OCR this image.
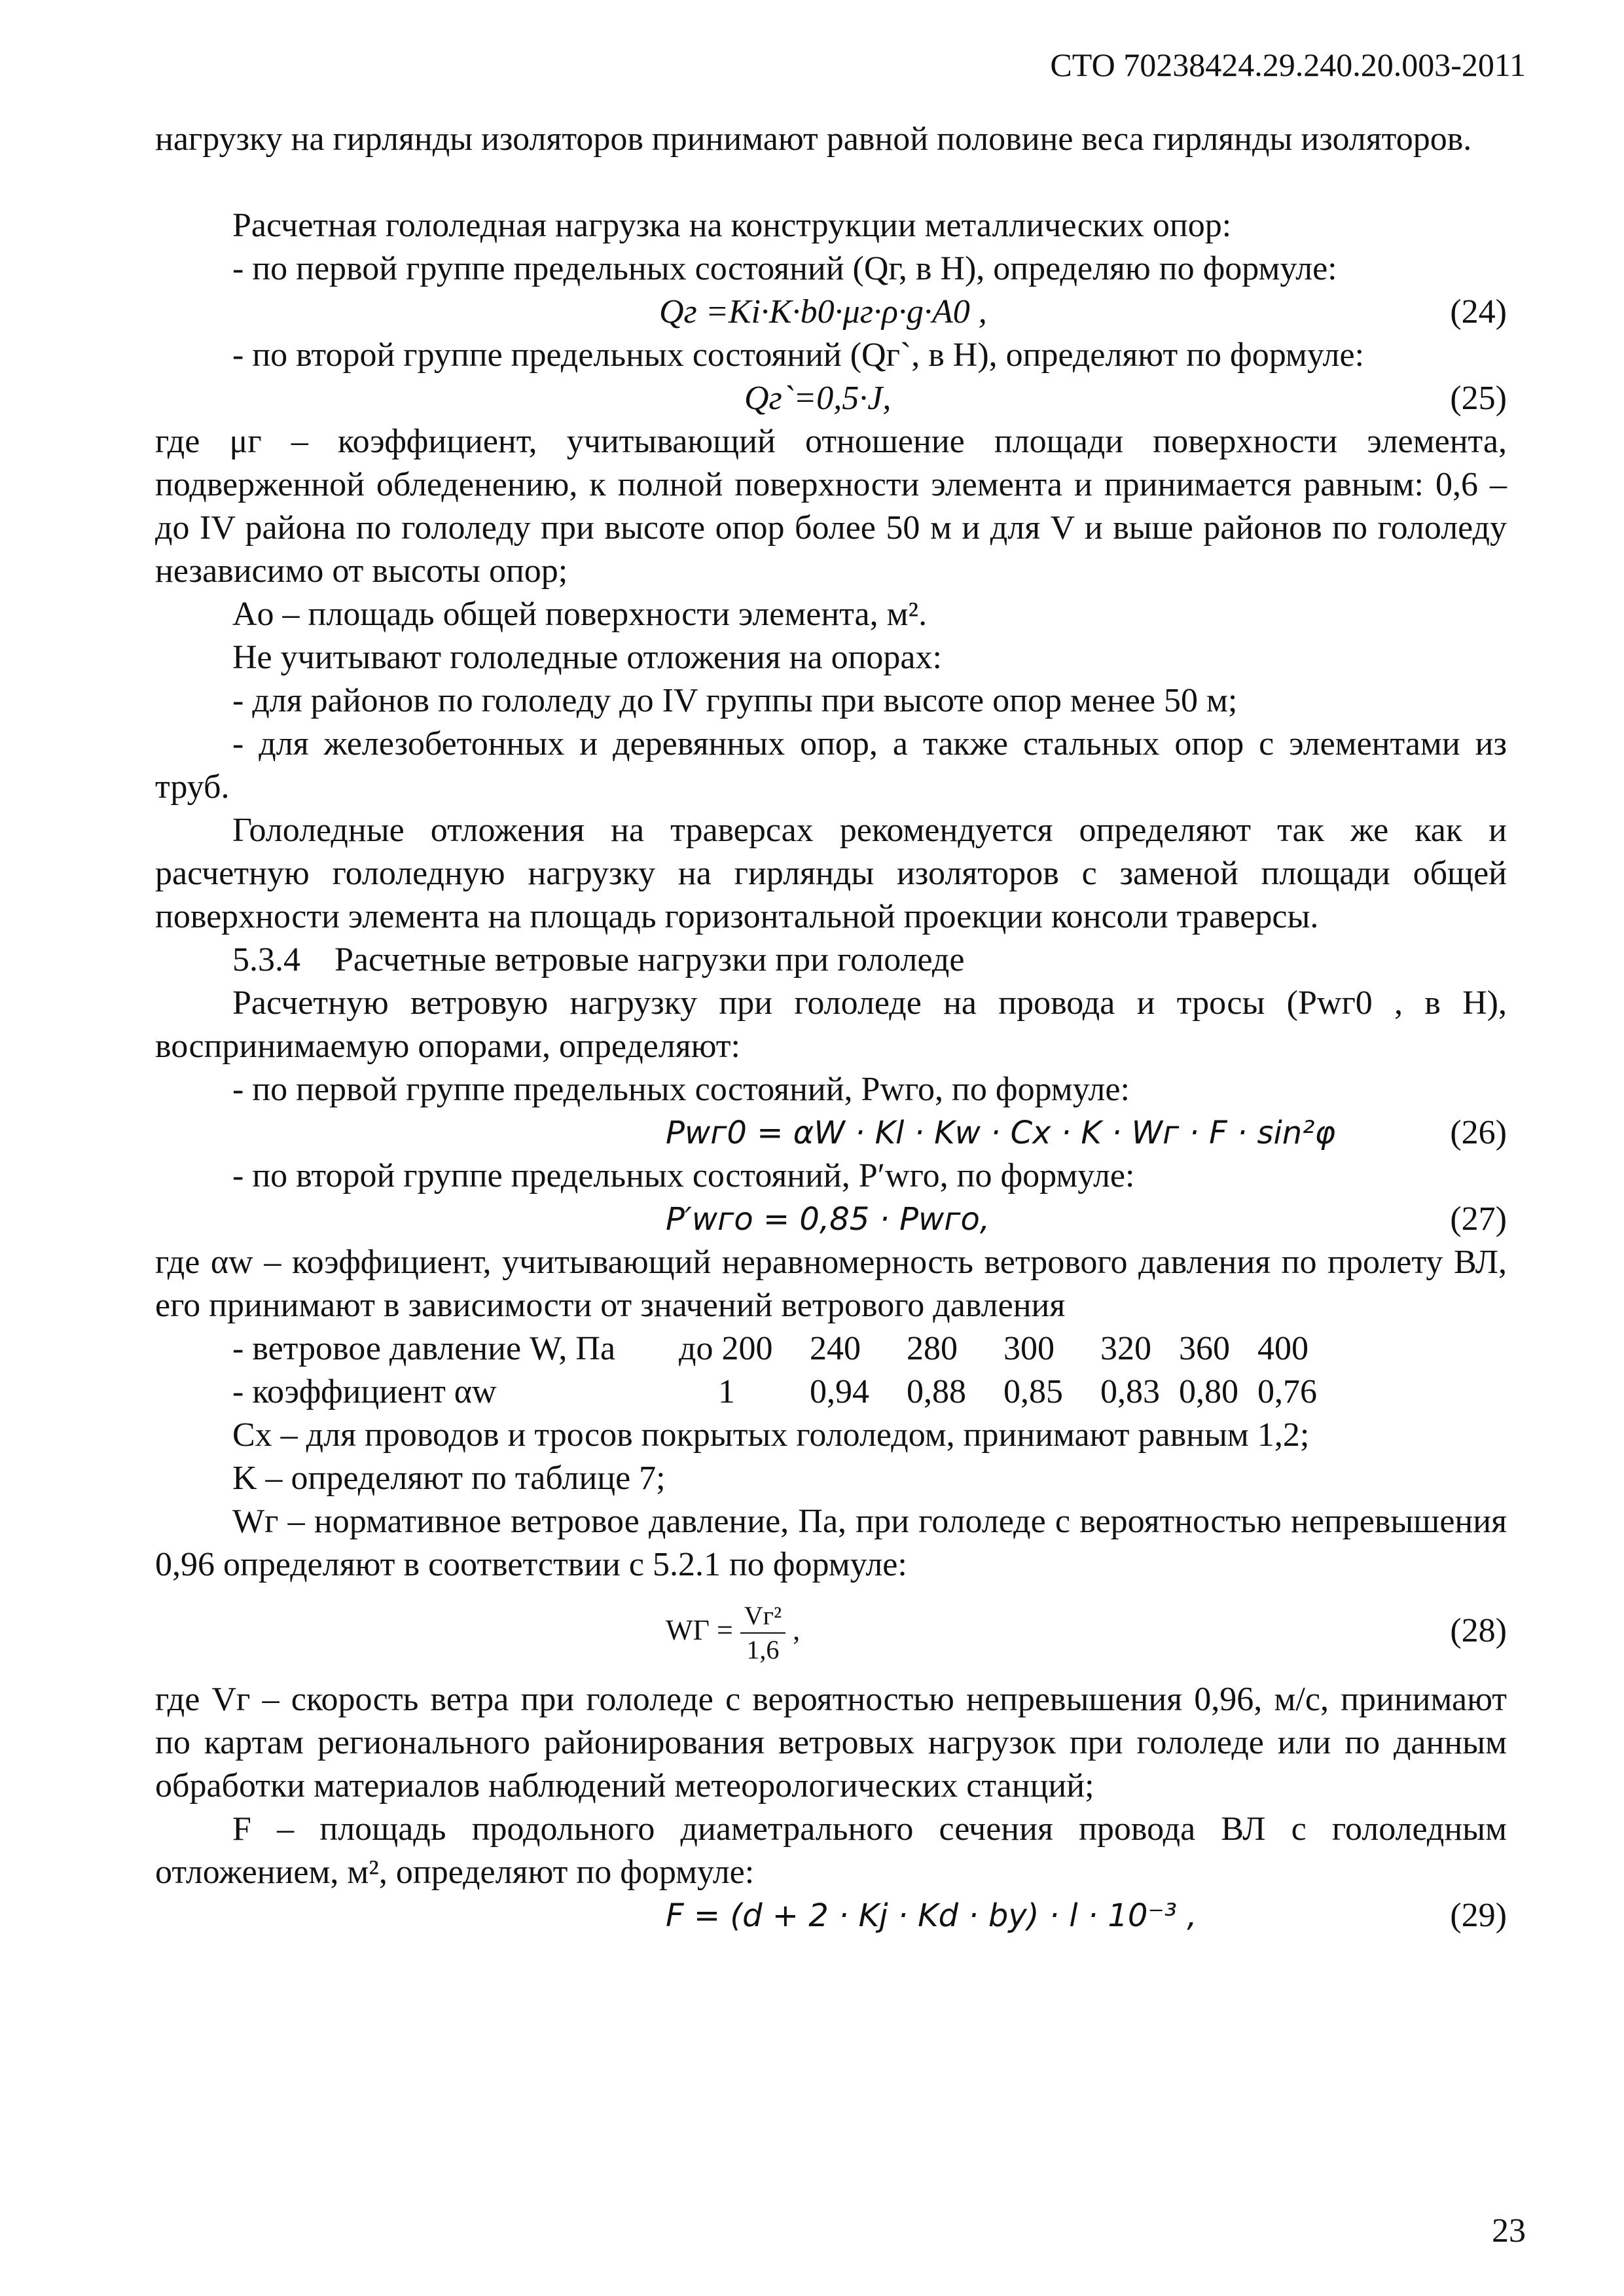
СТО 70238424.29.240.20.003-2011

нагрузку на гирлянды изоляторов принимают равной половине веса гирлянды изоляторов.

Расчетная гололедная нагрузка на конструкции металлических опор:

- по первой группе предельных состояний (Qг, в Н), определяю по формуле:

Qг =Кi·K·b0·μг·ρ·g·A0 ,	(24)

- по второй группе предельных состояний (Qг`, в Н), определяют по формуле:

Qг`=0,5·J,	(25)

где μг – коэффициент, учитывающий отношение площади поверхности элемента, подверженной обледенению, к полной поверхности элемента и принимается равным: 0,6 – до IV района по гололеду при высоте опор более 50 м и для V и выше районов по гололеду независимо от высоты опор;

Aо – площадь общей поверхности элемента, м².

Не учитывают гололедные отложения на опорах:

- для районов по гололеду до IV группы при высоте опор менее 50 м;

- для железобетонных и деревянных опор, а также стальных опор с элементами из труб.

Гололедные отложения на траверсах рекомендуется определяют так же как и расчетную гололедную нагрузку на гирлянды изоляторов с заменой площади общей поверхности элемента на площадь горизонтальной проекции консоли траверсы.

5.3.4    Расчетные ветровые нагрузки при гололеде

Расчетную ветровую нагрузку при гололеде на провода и тросы (Pwг0 , в Н), воспринимаемую опорами, определяют:

- по первой группе предельных состояний, Pwго, по формуле:

Pwг0 = αW · Kl · Kw · Cx · K · Wг · F · sin²φ	(26)

- по второй группе предельных состояний, P′wго, по формуле:

P′wго = 0,85 · Pwго,	(27)

где αw – коэффициент, учитывающий неравномерность ветрового давления по пролету ВЛ, его принимают в зависимости от значений ветрового давления

- ветровое давление W, Па	до 200	240	280	300	320 360 400
- коэффициент αw	1	0,94	0,88	0,85	0,83 0,80 0,76

Cx – для проводов и тросов покрытых гололедом, принимают равным 1,2;

K – определяют по таблице 7;

Wг – нормативное ветровое давление, Па, при гололеде с вероятностью непревышения 0,96 определяют в соответствии с 5.2.1 по формуле:

WГ = $\frac{\text{Vг²}}{1,6}$ ,	(28)

где Vг – скорость ветра при гололеде с вероятностью непревышения 0,96, м/с, принимают по картам регионального районирования ветровых нагрузок при гололеде или по данным обработки материалов наблюдений метеорологических станций;

F – площадь продольного диаметрального сечения провода ВЛ с гололедным отложением, м², определяют по формуле:

F = (d + 2 · Kj · Kd · by) · l · 10⁻³ ,	(29)
23
